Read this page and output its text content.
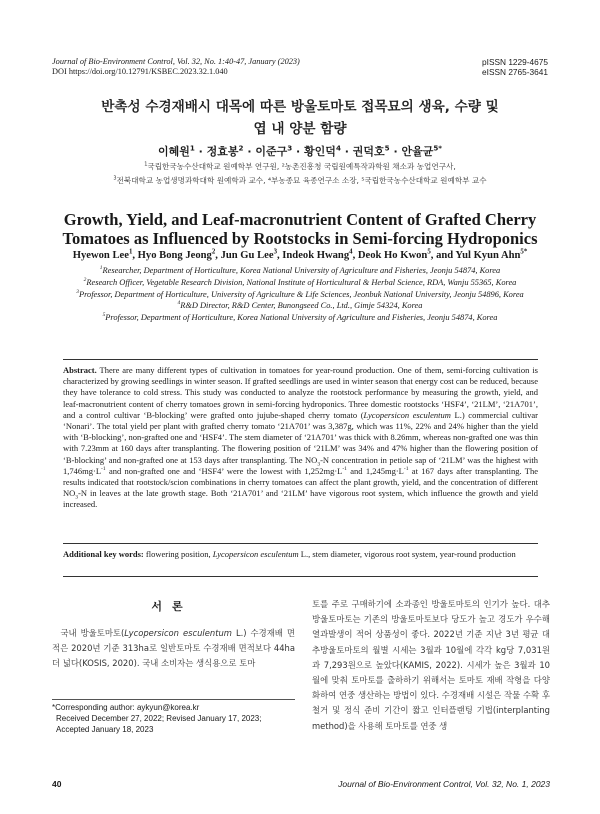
Journal of Bio-Environment Control, Vol. 32, No. 1:40-47, January (2023)
DOI https://doi.org/10.12791/KSBEC.2023.32.1.040
pISSN 1229-4675
eISSN 2765-3641
반촉성 수경재배시 대목에 따른 방울토마토 접목묘의 생육, 수량 및
엽 내 양분 함량
이혜원$^1$ · 정효봉$^2$ · 이준구$^3$ · 황인덕$^4$ · 권덕호$^5$ · 안율균$^{5*}$
$^1$국립한국농수산대학교 원예학부 연구원, ²농촌진흥청 국립원예특작과학원 채소과 농업연구사,
$^3$전북대학교 농업생명과학대학 원예학과 교수, ⁴부농종묘 육종연구소 소장, ⁵국립한국농수산대학교 원예학부 교수
Growth, Yield, and Leaf-macronutrient Content of Grafted Cherry
Tomatoes as Influenced by Rootstocks in Semi-forcing Hydroponics
Hyewon Lee$^1$, Hyo Bong Jeong$^2$, Jun Gu Lee$^3$, Indeok Hwang$^4$, Deok Ho Kwon$^5$, and Yul Kyun Ahn$^{5*}$

$^1$Researcher, Department of Horticulture, Korea National University of Agriculture and Fisheries, Jeonju 54874, Korea

$^2$Research Officer, Vegetable Research Division, National Institute of Horticultural & Herbal Science, RDA, Wanju 55365, Korea

$^3$Professor, Department of Horticulture, University of Agriculture & Life Sciences, Jeonbuk National University, Jeonju 54896, Korea

$^4$R&D Director, R&D Center, Bunongseed Co., Ltd., Gimje 54324, Korea

$^5$Professor, Department of Horticulture, Korea National University of Agriculture and Fisheries, Jeonju 54874, Korea

Abstract. There are many different types of cultivation in tomatoes for year-round production. One of them, semi-forcing cultivation is characterized by growing seedlings in winter season. If grafted seedlings are used in winter season that energy cost can be reduced, because they have tolerance to cold stress. This study was conducted to analyze the rootstock performance by measuring the growth, yield, and leaf-macronutrient content of cherry tomatoes grown in semi-forcing hydroponics. Three domestic rootstocks ‘HSF4’, ‘21LM’, ‘21A701’, and a control cultivar ‘B-blocking’ were grafted onto jujube-shaped cherry tomato (Lycopersicon esculentum L.) commercial cultivar ‘Nonari’. The total yield per plant with grafted cherry tomato ‘21A701’ was 3,387g, which was 11%, 22% and 24% higher than the yield with ‘B-blocking’, non-grafted one and ‘HSF4’. The stem diameter of ‘21A701’ was thick with 8.26mm, whereas non-grafted one was thin with 7.23mm at 160 days after transplanting. The flowering position of ‘21LM’ was 34% and 47% higher than the flowering position of ‘B-blocking’ and non-grafted one at 153 days after transplanting. The $NO_3-N$ concentration in petiole sap of ‘21LM’ was the highest with $1,746mg\cdot L^{-1}$ and non-grafted one and ‘HSF4’ were the lowest with $1,252mg\cdot L^{-1}$ and $1,245mg\cdot L^{-1}$ at 167 days after transplanting. The results indicated that rootstock/scion combinations in cherry tomatoes can affect the plant growth, yield, and the concentration of different $NO_3-N$ in leaves at the late growth stage. Both ‘21A701’ and ‘21LM’ have vigorous root system, which influence the growth and yield increased.

Additional key words: flowering position, Lycopersicon esculentum L., stem diameter, vigorous root system, year-round production
서론
국내 방울토마토(Lycopersicon esculentum L.) 수경재배 면적은 2020년 기준 313ha로 일반토마토 수경재배 면적보다 44ha 더 넓다(KOSIS, 2020). 국내 소비자는 생식용으로 토마
*Corresponding author: aykyun@korea.kr
Received December 27, 2022; Revised January 17, 2023;
Accepted January 18, 2023
토를 주로 구매하기에 소과종인 방울토마토의 인기가 높다. 대추방울토마토는 기존의 방울토마토보다 당도가 높고 경도가 우수해 열과발생이 적어 상품성이 좋다. 2022년 기준 지난 3년 평균 대추방울토마토의 월별 시세는 3월과 10월에 각각 kg당 7,031원과 7,293원으로 높았다(KAMIS, 2022). 시세가 높은 3월과 10월에 맞춰 토마토를 출하하기 위해서는 토마토 재배 작형을 다양화하여 연중 생산하는 방법이 있다. 수경재배 시설은 작물 수확 후 철거 및 정식 준비 기간이 짧고 인터플랜팅 기법(interplanting method)을 사용해 토마토를 연중 생
40	Journal of Bio-Environment Control, Vol. 32, No. 1, 2023
